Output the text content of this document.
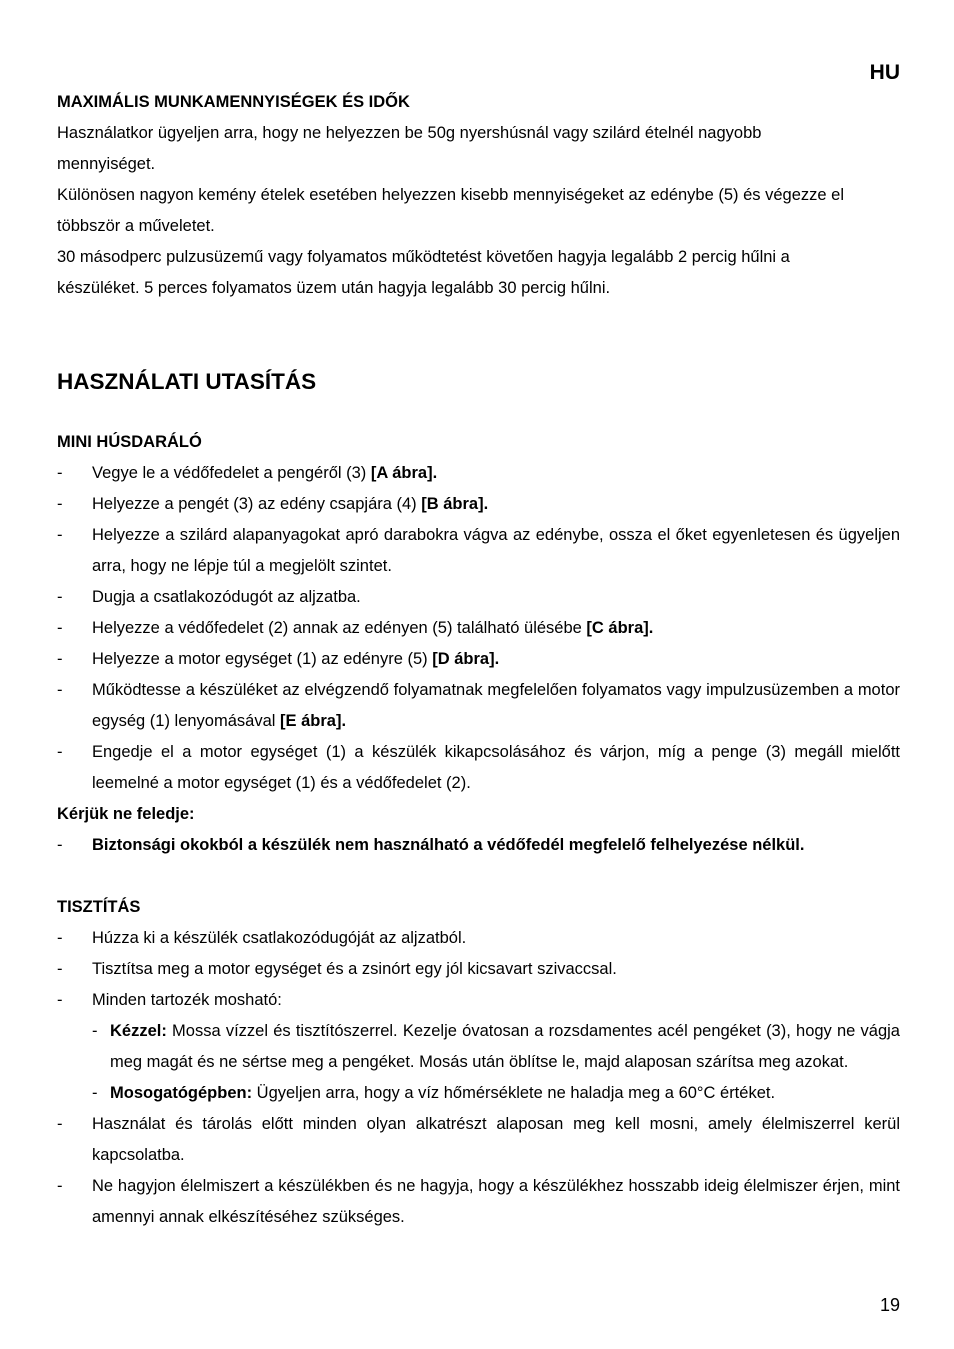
HU

MAXIMÁLIS MUNKAMENNYISÉGEK ÉS IDŐK

Használatkor ügyeljen arra, hogy ne helyezzen be 50g nyershúsnál vagy szilárd ételnél nagyobb

mennyiséget.

Különösen nagyon kemény ételek esetében helyezzen kisebb mennyiségeket az edénybe (5) és végezze el

többször a műveletet.

30 másodperc pulzusüzemű vagy folyamatos működtetést követően hagyja legalább 2 percig hűlni a

készüléket. 5 perces folyamatos üzem után hagyja legalább 30 percig hűlni.

HASZNÁLATI UTASÍTÁS

MINI HÚSDARÁLÓ

- Vegye le a védőfedelet a pengéről (3) [A ábra].
- Helyezze a pengét (3) az edény csapjára (4) [B ábra].
- Helyezze a szilárd alapanyagokat apró darabokra vágva az edénybe, ossza el őket egyenletesen és ügyeljen arra, hogy ne lépje túl a megjelölt szintet.
- Dugja a csatlakozódugót az aljzatba.
- Helyezze a védőfedelet (2) annak az edényen (5) található ülésébe [C ábra].
- Helyezze a motor egységet (1) az edényre (5) [D ábra].
- Működtesse a készüléket az elvégzendő folyamatnak megfelelően folyamatos vagy impulzusüzemben a motor egység (1) lenyomásával [E ábra].
- Engedje el a motor egységet (1) a készülék kikapcsolásához és várjon, míg a penge (3) megáll mielőtt leemelné a motor egységet (1) és a védőfedelet (2).

Kérjük ne feledje:

- Biztonsági okokból a készülék nem használható a védőfedél megfelelő felhelyezése nélkül.

TISZTÍTÁS

- Húzza ki a készülék csatlakozódugóját az aljzatból.
- Tisztítsa meg a motor egységet és a zsinórt egy jól kicsavart szivaccsal.
- Minden tartozék mosható:
- Kézzel: Mossa vízzel és tisztítószerrel. Kezelje óvatosan a rozsdamentes acél pengéket (3), hogy ne vágja meg magát és ne sértse meg a pengéket. Mosás után öblítse le, majd alaposan szárítsa meg azokat.
- Mosogatógépben: Ügyeljen arra, hogy a víz hőmérséklete ne haladja meg a 60°C értéket.
- Használat és tárolás előtt minden olyan alkatrészt alaposan meg kell mosni, amely élelmiszerrel kerül kapcsolatba.
- Ne hagyjon élelmiszert a készülékben és ne hagyja, hogy a készülékhez hosszabb ideig élelmiszer érjen, mint amennyi annak elkészítéséhez szükséges.
19
